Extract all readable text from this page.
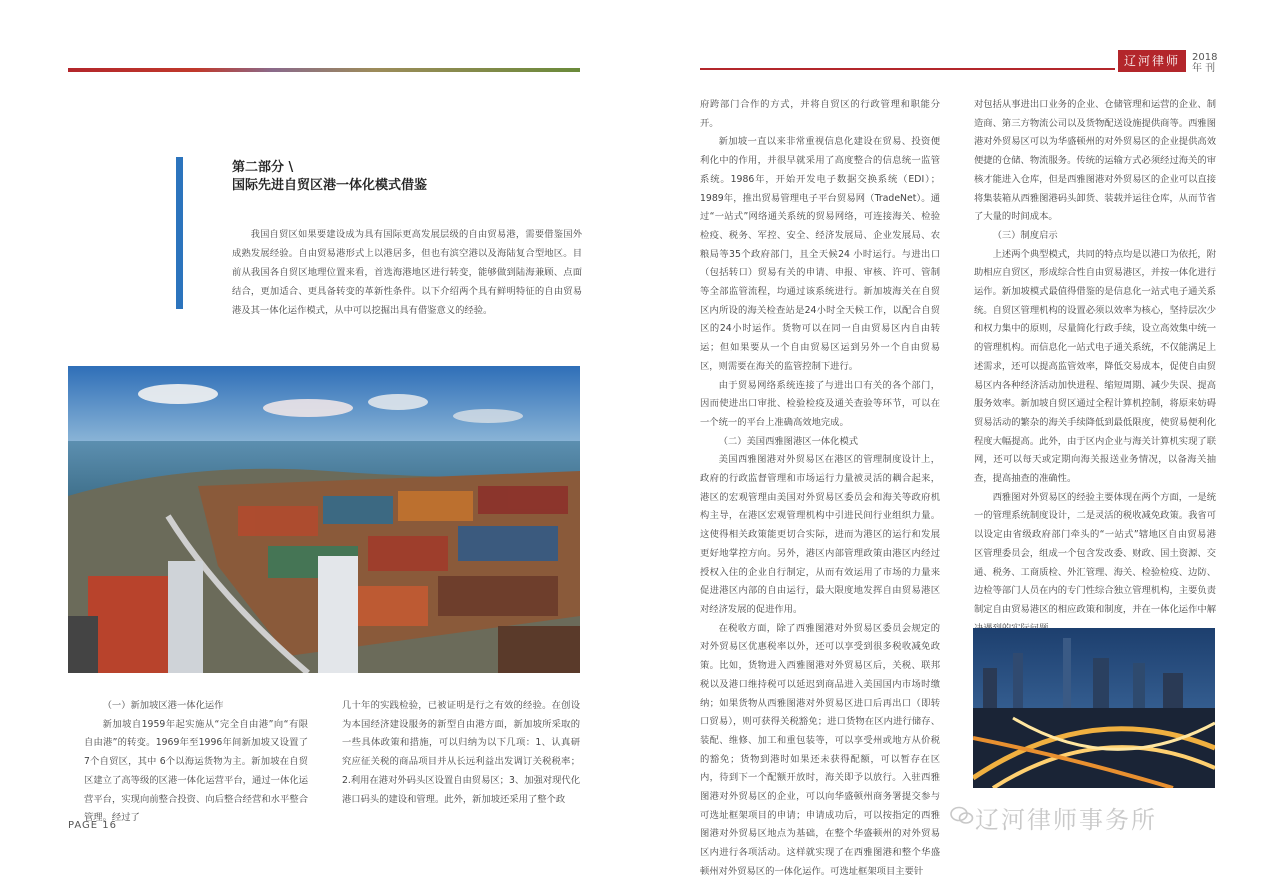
辽河律师	2018
年 刊
第二部分 \
国际先进自贸区港一体化模式借鉴
我国自贸区如果要建设成为具有国际更高发展层级的自由贸易港，需要借鉴国外成熟发展经验。自由贸易港形式上以港居多，但也有滨空港以及海陆复合型地区。目前从我国各自贸区地理位置来看，首选海港地区进行转变，能够做到陆海兼顾、点面结合，更加适合、更具备转变的革新性条件。以下介绍两个具有鲜明特征的自由贸易港及其一体化运作模式，从中可以挖掘出具有借鉴意义的经验。

（一）新加坡区港一体化运作

新加坡自1959年起实施从“完全自由港”向“有限自由港”的转变。1969年至1996年间新加坡又设置了7个自贸区，其中 6个以海运货物为主。新加坡在自贸区建立了高等级的区港一体化运营平台，通过一体化运营平台，实现向前整合投资、向后整合经营和水平整合管理。经过了

几十年的实践检验，已被证明是行之有效的经验。在创设为本国经济建设服务的新型自由港方面，新加坡所采取的一些具体政策和措施，可以归纳为以下几项：1、认真研究应征关税的商品项目并从长远利益出发调订关税税率；2.利用在港对外码头区设置自由贸易区；3、加强对现代化港口码头的建设和管理。此外，新加坡还采用了整个政

府跨部门合作的方式，并将自贸区的行政管理和职能分开。

新加坡一直以来非常重视信息化建设在贸易、投资便利化中的作用，并很早就采用了高度整合的信息统一监管系统。1986年，开始开发电子数据交换系统（EDI）；1989年，推出贸易管理电子平台贸易网（TradeNet）。通过“一站式”网络通关系统的贸易网络，可连接海关、检验检疫、税务、军控、安全、经济发展局、企业发展局、农粮局等35个政府部门，且全天候24 小时运行。与进出口（包括转口）贸易有关的申请、申报、审核、许可、管制等全部监管流程，均通过该系统进行。新加坡海关在自贸区内所设的海关检查站是24小时全天候工作，以配合自贸区的24小时运作。货物可以在同一自由贸易区内自由转运；但如果要从一个自由贸易区运到另外一个自由贸易区，则需要在海关的监管控制下进行。

由于贸易网络系统连接了与进出口有关的各个部门，因而使进出口审批、检验检疫及通关查验等环节，可以在一个统一的平台上准确高效地完成。

（二）美国西雅图港区一体化模式

美国西雅图港对外贸易区在港区的管理制度设计上，政府的行政监督管理和市场运行力量被灵活的耦合起来，港区的宏观管理由美国对外贸易区委员会和海关等政府机构主导，在港区宏观管理机构中引进民间行业组织力量。这使得相关政策能更切合实际，进而为港区的运行和发展更好地掌控方向。另外，港区内部管理政策由港区内经过授权入住的企业自行制定，从而有效运用了市场的力量来促进港区内部的自由运行，最大限度地发挥自由贸易港区对经济发展的促进作用。

在税收方面，除了西雅图港对外贸易区委员会规定的对外贸易区优惠税率以外，还可以享受到很多税收减免政策。比如，货物进入西雅图港对外贸易区后，关税、联邦税以及港口维持税可以延迟到商品进入美国国内市场时缴纳；如果货物从西雅图港对外贸易区进口后再出口（即转口贸易），则可获得关税豁免；进口货物在区内进行储存、装配、维修、加工和重包装等，可以享受州或地方从价税的豁免；货物到港时如果还未获得配额，可以暂存在区内，待到下一个配额开放时，海关即予以放行。入驻西雅图港对外贸易区的企业，可以向华盛顿州商务署提交参与可选址框架项目的申请；申请成功后，可以按指定的西雅图港对外贸易区地点为基础，在整个华盛顿州的对外贸易区内进行各项活动。这样就实现了在西雅图港和整个华盛顿州对外贸易区的一体化运作。可选址框架项目主要针

对包括从事进出口业务的企业、仓储管理和运营的企业、制造商、第三方物流公司以及货物配送设施提供商等。西雅图港对外贸易区可以为华盛顿州的对外贸易区的企业提供高效便捷的仓储、物流服务。传统的运输方式必须经过海关的审核才能进入仓库，但是西雅图港对外贸易区的企业可以直接将集装箱从西雅图港码头卸货、装载并运往仓库，从而节省了大量的时间成本。

（三）制度启示

上述两个典型模式，共同的特点均是以港口为依托，附助相应自贸区，形成综合性自由贸易港区，并按一体化进行运作。新加坡模式最值得借鉴的是信息化一站式电子通关系统。自贸区管理机构的设置必须以效率为核心，坚持层次少和权力集中的原则，尽量简化行政手续，设立高效集中统一的管理机构。而信息化一站式电子通关系统，不仅能满足上述需求，还可以提高监管效率，降低交易成本，促使自由贸易区内各种经济活动加快进程、缩短周期、减少失误、提高服务效率。新加坡自贸区通过全程计算机控制，将原来妨碍贸易活动的繁杂的海关手续降低到最低限度，使贸易便利化程度大幅提高。此外，由于区内企业与海关计算机实现了联网，还可以每天或定期向海关报送业务情况，以备海关抽查，提高抽查的准确性。

西雅图对外贸易区的经验主要体现在两个方面，一是统一的管理系统制度设计，二是灵活的税收减免政策。我省可以设定由省级政府部门牵头的“一站式”辖地区自由贸易港区管理委员会，组成一个包含发改委、财政、国土资源、交通、税务、工商质检、外汇管理、海关、检验检疫、边防、边检等部门人员在内的专门性综合独立管理机构，主要负责制定自由贸易港区的相应政策和制度，并在一体化运作中解

PAGE 16	辽河律师事务所
